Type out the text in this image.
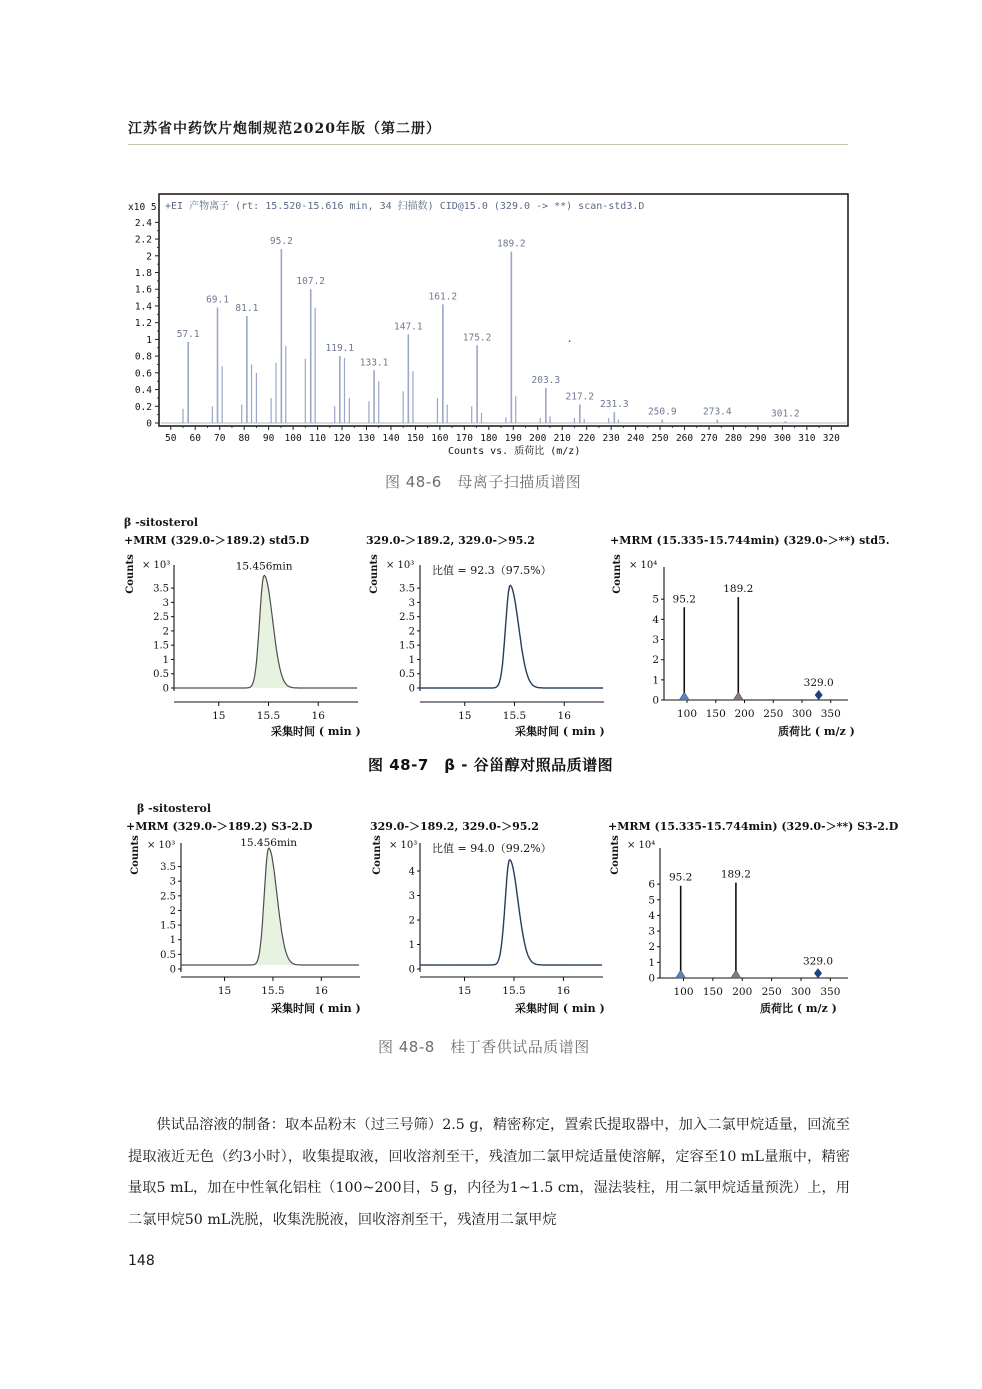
江苏省中药饮片炮制规范2020年版（第二册）
+EI 产物离子 (rt: 15.520-15.616 min, 34 扫描数) CID@15.0 (329.0 -> **) scan-std3.D
x10 5
0
0.2
0.4
0.6
0.8
1
1.2
1.4
1.6
1.8
2
2.2
2.4
50 60 70 80 90 100 110 120 130 140 150 160 170 180 190 200 210 220 230 240 250 260 270 280 290 300 310 320
57.1
69.1
81.1
95.2
107.2
119.1
133.1
147.1
161.2
175.2
189.2
203.3
217.2
231.3
250.9	273.4	301.2
Counts vs. 质荷比 (m/z)
图 48-6　母离子扫描质谱图
β -sitosterol
+MRM (329.0-＞189.2) std5.D	329.0-＞189.2, 329.0-＞95.2	+MRM (15.335-15.744min) (329.0-＞**) std5.
Counts × 10³	Counts × 10³	Counts × 10⁴
0
0.5
1
1.5
2
2.5
3
3.5
15	15.5	16
15.456min
0
0.5
1
1.5
2
2.5
3
3.5
15	15.5	16
比值 = 92.3（97.5%）
0
1
2
3
4
5
100 150 200 250 300 350
95.2
189.2
329.0
采集时间 ( min )	采集时间 ( min )	质荷比 ( m/z )
图 48-7　β - 谷甾醇对照品质谱图
β -sitosterol
+MRM (329.0-＞189.2) S3-2.D	329.0-＞189.2, 329.0-＞95.2	+MRM (15.335-15.744min) (329.0-＞**) S3-2.D
Counts × 10³	Counts × 10³	Counts × 10⁴
0
0.5
1
1.5
2
2.5
3
3.5
15	15.5	16
15.456min
0
1
2
3
4
15	15.5	16
比值 = 94.0（99.2%）
0
1
2
3
4
5
6
100 150 200 250 300 350
95.2	189.2
329.0
采集时间 ( min )	采集时间 ( min )	质荷比 ( m/z )
图 48-8　桂丁香供试品质谱图

供试品溶液的制备：取本品粉末（过三号筛）2.5 g，精密称定，置索氏提取器中，加入二氯甲烷适量，回流至提取液近无色（约3小时），收集提取液，回收溶剂至干，残渣加二氯甲烷适量使溶解，定容至10 mL量瓶中，精密量取5 mL，加在中性氧化铝柱（100~200目，5 g，内径为1~1.5 cm，湿法装柱，用二氯甲烷适量预洗）上，用二氯甲烷50 mL洗脱，收集洗脱液，回收溶剂至干，残渣用二氯甲烷

148
